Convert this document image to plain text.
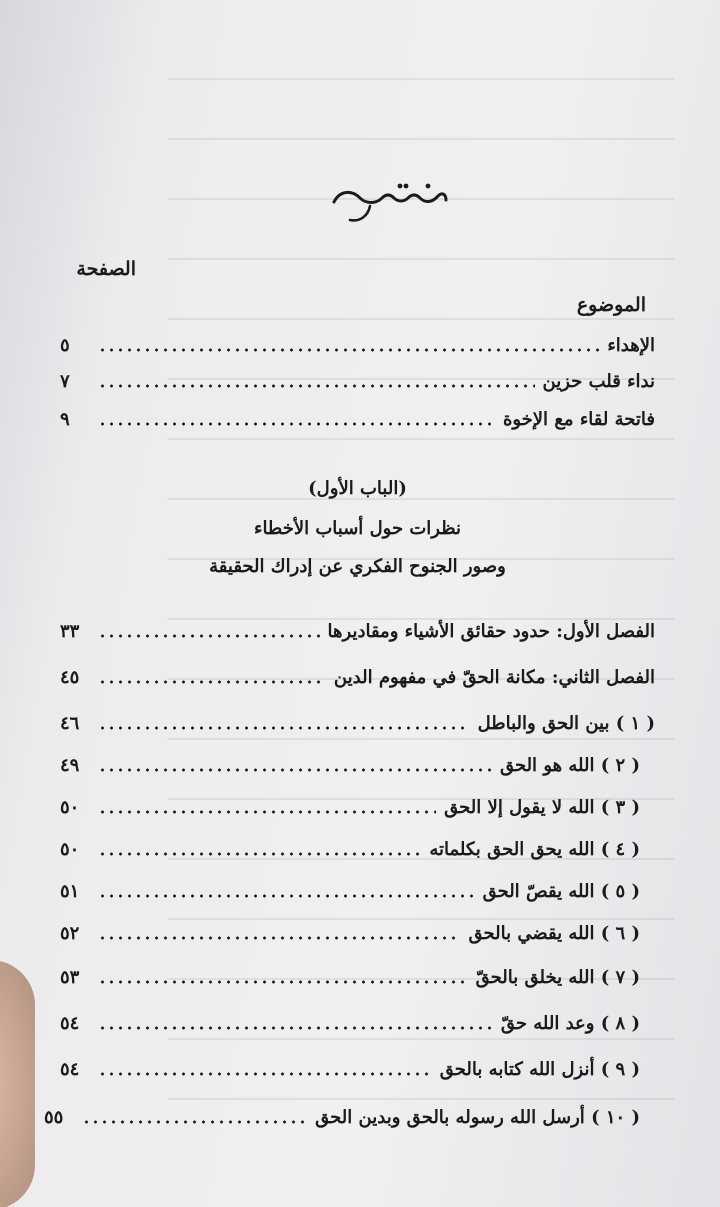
الصفحة
الموضوع
الإهداء
٥
نداء قلب حزين
٧
فاتحة لقاء مع الإخوة
٩
(الباب الأول)
نظرات حول أسباب الأخطاء
وصور الجنوح الفكري عن إدراك الحقيقة
الفصل الأول: حدود حقائق الأشياء ومقاديرها
٣٣
الفصل الثاني: مكانة الحقّ في مفهوم الدين
٤٥
( ١ ) بين الحق والباطل
٤٦
( ٢ ) الله هو الحق
٤٩
( ٣ ) الله لا يقول إلا الحق
٥٠
( ٤ ) الله يحق الحق بكلماته
٥٠
( ٥ ) الله يقصّ الحق
٥١
( ٦ ) الله يقضي بالحق
٥٢
( ٧ ) الله يخلق بالحقّ
٥٣
( ٨ ) وعد الله حقّ
٥٤
( ٩ ) أنزل الله كتابه بالحق
٥٤
( ١٠ ) أرسل الله رسوله بالحق وبدين الحق
٥٥
